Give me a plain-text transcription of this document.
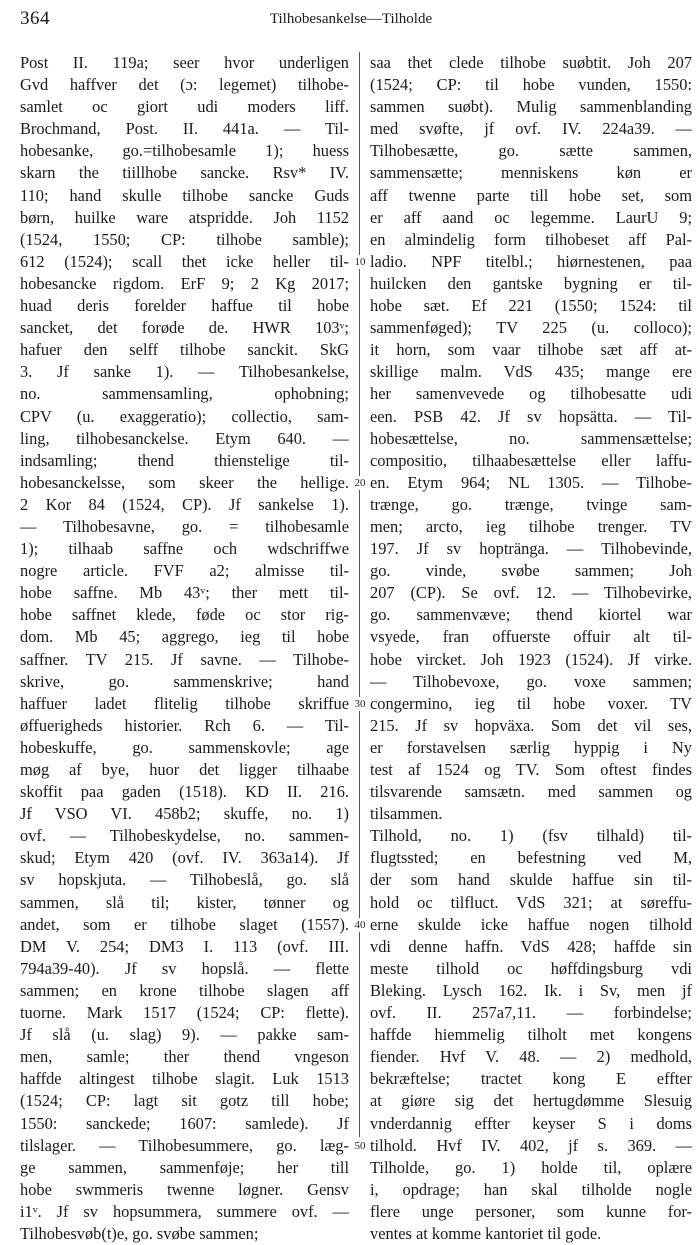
364	Tilhobesankelse—Tilholde
Post II. 119a; seer hvor underligen
Gvd haffver det (ɔ: legemet) tilhobe-
samlet oc giort udi moders liff.
Brochmand, Post. II. 441a. — Til-
hobesanke, go.=tilhobesamle 1); huess
skarn the tiillhobe sancke. Rsv* IV.
110; hand skulle tilhobe sancke Guds
børn, huilke ware atspridde. Joh 1152
(1524, 1550; CP: tilhobe samble);
612 (1524); scall thet icke heller til-
hobesancke rigdom. ErF 9; 2 Kg 2017;
huad deris forelder haffue til hobe
sancket, det forøde de. HWR 103ᵛ;
hafuer den selff tilhobe sanckit. SkG
3. Jf sanke 1). — Tilhobesankelse,
no. sammensamling, ophobning;
CPV (u. exaggeratio); collectio, sam-
ling, tilhobesanckelse. Etym 640. —
indsamling; thend thienstelige til-
hobesanckelsse, som skeer the hellige.
2 Kor 84 (1524, CP). Jf sankelse 1).
— Tilhobesavne, go. = tilhobesamle
1); tilhaab saffne och wdschriffwe
nogre article. FVF a2; almisse til-
hobe saffne. Mb 43ᵛ; ther mett til-
hobe saffnet klede, føde oc stor rig-
dom. Mb 45; aggrego, ieg til hobe
saffner. TV 215. Jf savne. — Tilhobe-
skrive, go. sammenskrive; hand
haffuer ladet flitelig tilhobe skriffue
øffuerigheds historier. Rch 6. — Til-
hobeskuffe, go. sammenskovle; age
møg af bye, huor det ligger tilhaabe
skoffit paa gaden (1518). KD II. 216.
Jf VSO VI. 458b2; skuffe, no. 1)
ovf. — Tilhobeskydelse, no. sammen-
skud; Etym 420 (ovf. IV. 363a14). Jf
sv hopskjuta. — Tilhobeslå, go. slå
sammen, slå til; kister, tønner og
andet, som er tilhobe slaget (1557).
DM V. 254; DM3 I. 113 (ovf. III.
794a39-40). Jf sv hopslå. — flette
sammen; en krone tilhobe slagen aff
tuorne. Mark 1517 (1524; CP: flette).
Jf slå (u. slag) 9). — pakke sam-
men, samle; ther thend vngeson
haffde altingest tilhobe slagit. Luk 1513
(1524; CP: lagt sit gotz till hobe;
1550: sanckede; 1607: samlede). Jf
tilslager. — Tilhobesummere, go. læg-
ge sammen, sammenføje; her till
hobe swmmeris twenne løgner. Gensv
i1ᵛ. Jf sv hopsummera, summere ovf. —
Tilhobesvøb(t)e, go. svøbe sammen;
saa thet clede tilhobe suøbtit. Joh 207
(1524; CP: til hobe vunden, 1550:
sammen suøbt). Mulig sammenblanding
med svøfte, jf ovf. IV. 224a39. —
Tilhobesætte, go. sætte sammen,
sammensætte; menniskens køn er
aff twenne parte till hobe set, som
er aff aand oc legemme. LaurU 9;
en almindelig form tilhobeset aff Pal-
ladio. NPF titelbl.; hiørnestenen, paa
huilcken den gantske bygning er til-
hobe sæt. Ef 221 (1550; 1524: til
sammenføged); TV 225 (u. colloco);
it horn, som vaar tilhobe sæt aff at-
skillige malm. VdS 435; mange ere
her samenvevede og tilhobesatte udi
een. PSB 42. Jf sv hopsätta. — Til-
hobesættelse, no. sammensættelse;
compositio, tilhaabesættelse eller laffu-
en. Etym 964; NL 1305. — Tilhobe-
trænge, go. trænge, tvinge sam-
men; arcto, ieg tilhobe trenger. TV
197. Jf sv hoptränga. — Tilhobevinde,
go. vinde, svøbe sammen; Joh
207 (CP). Se ovf. 12. — Tilhobevirke,
go. sammenvæve; thend kiortel war
vsyede, fran offuerste offuir alt til-
hobe vircket. Joh 1923 (1524). Jf virke.
— Tilhobevoxe, go. voxe sammen;
congermino, ieg til hobe voxer. TV
215. Jf sv hopväxa. Som det vil ses,
er forstavelsen særlig hyppig i Ny
test af 1524 og TV. Som oftest findes
tilsvarende samsætn. med sammen og
tilsammen.
Tilhold, no. 1) (fsv tilhald) til-
flugtssted; en befestning ved M,
der som hand skulde haffue sin til-
hold oc tilfluct. VdS 321; at søreffu-
erne skulde icke haffue nogen tilhold
vdi denne haffn. VdS 428; haffde sin
meste tilhold oc høffdingsburg vdi
Bleking. Lysch 162. Ik. i Sv, men jf
ovf. II. 257a7,11. — forbindelse;
haffde hiemmelig tilholt met kongens
fiender. Hvf V. 48. — 2) medhold,
bekræftelse; tractet kong E effter
at giøre sig det hertugdømme Slesuig
vnderdannig effter keyser S i doms
tilhold. Hvf IV. 402, jf s. 369. —
Tilholde, go. 1) holde til, oplære
i, opdrage; han skal tilholde nogle
flere unge personer, som kunne for-
ventes at komme kantoriet til gode.
10
20
30
40
50
